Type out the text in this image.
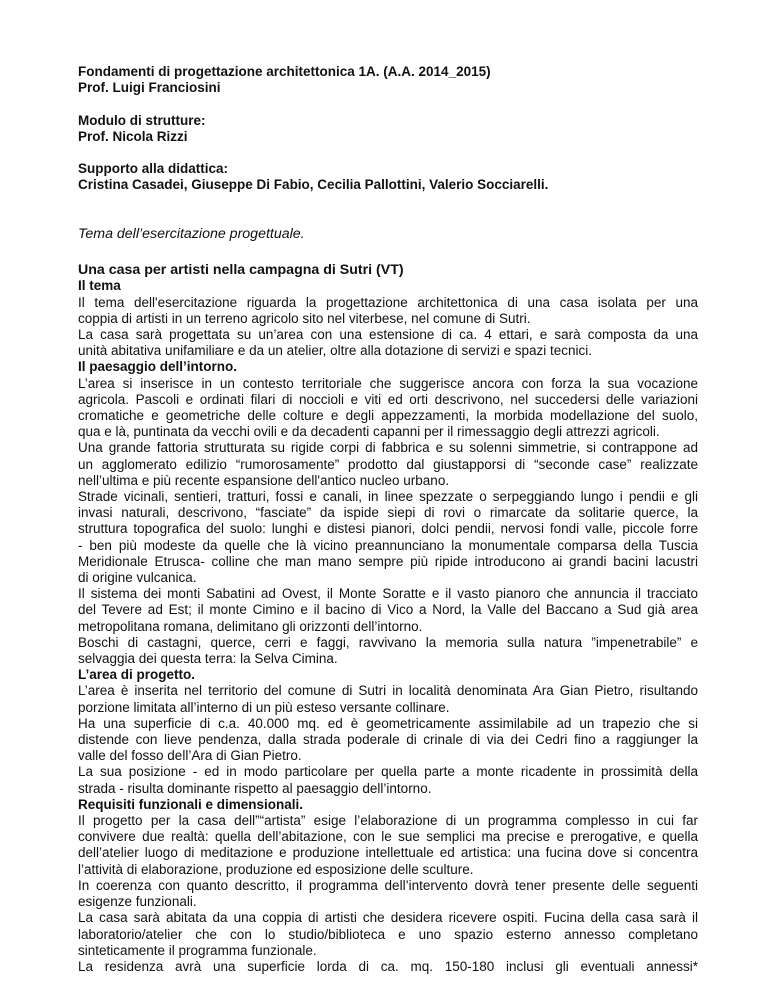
Fondamenti di progettazione architettonica 1A. (A.A. 2014_2015)
Prof. Luigi Franciosini
Modulo di strutture:
Prof. Nicola Rizzi
Supporto alla didattica:
Cristina Casadei, Giuseppe Di Fabio, Cecilia Pallottini, Valerio Socciarelli.
Tema dell’esercitazione progettuale.
Una casa per artisti nella campagna di Sutri (VT)
Il tema
Il tema dell'esercitazione riguarda la progettazione architettonica di una casa isolata per una
coppia di artisti in un terreno agricolo sito nel viterbese, nel comune di Sutri.
La casa sarà progettata su un’area con una estensione di ca. 4 ettari, e sarà composta da una
unità abitativa unifamiliare e da un atelier, oltre alla dotazione di servizi e spazi tecnici.
Il paesaggio dell’intorno.
L’area si inserisce in un contesto territoriale che suggerisce ancora con forza la sua vocazione
agricola. Pascoli e ordinati filari di noccioli e viti ed orti descrivono, nel succedersi delle variazioni
cromatiche e geometriche delle colture e degli appezzamenti, la morbida modellazione del suolo,
qua e là, puntinata da vecchi ovili e da decadenti capanni per il rimessaggio degli attrezzi agricoli.
Una grande fattoria strutturata su rigide corpi di fabbrica e su solenni simmetrie, si contrappone ad
un agglomerato edilizio “rumorosamente” prodotto dal giustapporsi di “seconde case” realizzate
nell’ultima e più recente espansione dell'antico nucleo urbano.
Strade vicinali, sentieri, tratturi, fossi e canali, in linee spezzate o serpeggiando lungo i pendii e gli
invasi naturali, descrivono, “fasciate” da ispide siepi di rovi o rimarcate da solitarie querce, la
struttura topografica del suolo: lunghi e distesi pianori, dolci pendii, nervosi fondi valle, piccole forre
- ben più modeste da quelle che là vicino preannunciano la monumentale comparsa della Tuscia
Meridionale Etrusca- colline che man mano sempre più ripide introducono ai grandi bacini lacustri
di origine vulcanica.
Il sistema dei monti Sabatini ad Ovest, il Monte Soratte e il vasto pianoro che annuncia il tracciato
del Tevere ad Est; il monte Cimino e il bacino di Vico a Nord, la Valle del Baccano a Sud già area
metropolitana romana, delimitano gli orizzonti dell’intorno.
Boschi di castagni, querce, cerri e faggi, ravvivano la memoria sulla natura ”impenetrabile” e
selvaggia dei questa terra: la Selva Cimina.
L’area di progetto.
L’area è inserita nel territorio del comune di Sutri in località denominata Ara Gian Pietro, risultando
porzione limitata all’interno di un più esteso versante collinare.
Ha una superficie di c.a. 40.000 mq. ed è geometricamente assimilabile ad un trapezio che si
distende con lieve pendenza, dalla strada poderale di crinale di via dei Cedri fino a raggiunger la
valle del fosso dell’Ara di Gian Pietro.
La sua posizione - ed in modo particolare per quella parte a monte ricadente in prossimità della
strada - risulta dominante rispetto al paesaggio dell’intorno.
Requisiti funzionali e dimensionali.
Il progetto per la casa dell”“artista” esige l’elaborazione di un programma complesso in cui far
convivere due realtà: quella dell’abitazione, con le sue semplici ma precise e prerogative, e quella
dell’atelier luogo di meditazione e produzione intellettuale ed artistica: una fucina dove si concentra
l’attività di elaborazione, produzione ed esposizione delle sculture.
In coerenza con quanto descritto, il programma dell’intervento dovrà tener presente delle seguenti
esigenze funzionali.
La casa sarà abitata da una coppia di artisti che desidera ricevere ospiti. Fucina della casa sarà il
laboratorio/atelier che con lo studio/biblioteca e uno spazio esterno annesso completano
sinteticamente il programma funzionale.
La residenza avrà una superficie lorda di ca. mq. 150-180 inclusi gli eventuali annessi*
